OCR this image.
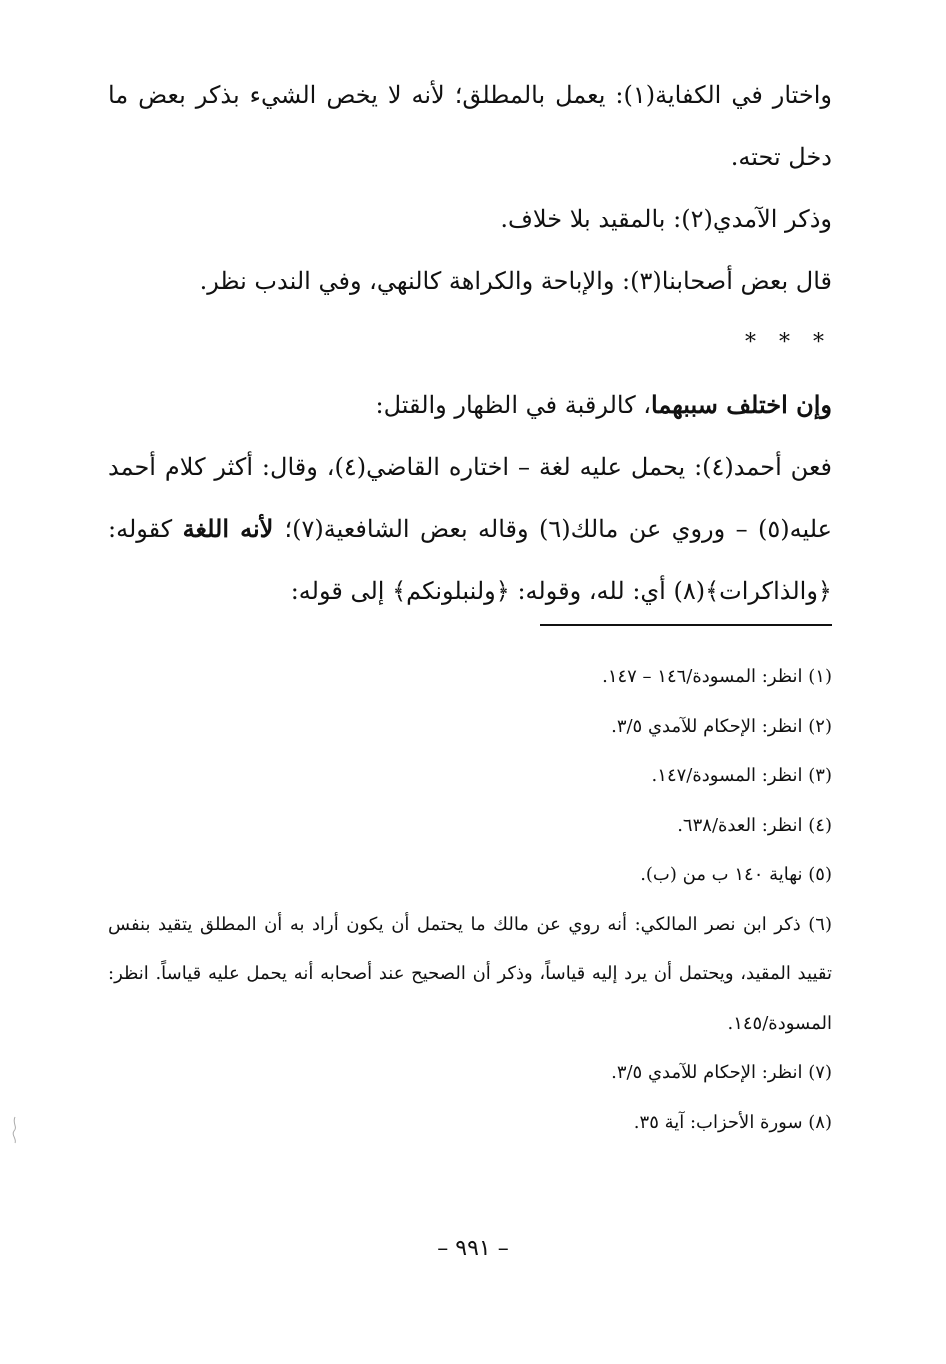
واختار في الكفاية(١): يعمل بالمطلق؛ لأنه لا يخص الشيء بذكر بعض ما دخل تحته.

وذكر الآمدي(٢): بالمقيد بلا خلاف.

قال بعض أصحابنا(٣): والإباحة والكراهة كالنهي، وفي الندب نظر.

* * *

وإن اختلف سببهما، كالرقبة في الظهار والقتل:

فعن أحمد(٤): يحمل عليه لغة – اختاره القاضي(٤)، وقال: أكثر كلام أحمد عليه(٥) – وروي عن مالك(٦) وقاله بعض الشافعية(٧)؛ لأنه اللغة كقوله: ﴿والذاكرات﴾(٨) أي: لله، وقوله: ﴿ولنبلونكم﴾ إلى قوله:

(١) انظر: المسودة/١٤٦ – ١٤٧.

(٢) انظر: الإحكام للآمدي ٣/٥.

(٣) انظر: المسودة/١٤٧.

(٤) انظر: العدة/٦٣٨.

(٥) نهاية ١٤٠ ب من (ب).

(٦) ذكر ابن نصر المالكي: أنه روي عن مالك ما يحتمل أن يكون أراد به أن المطلق يتقيد بنفس تقييد المقيد، ويحتمل أن يرد إليه قياساً، وذكر أن الصحيح عند أصحابه أنه يحمل عليه قياساً. انظر: المسودة/١٤٥.

(٧) انظر: الإحكام للآمدي ٣/٥.

(٨) سورة الأحزاب: آية ٣٥.

– ٩٩١ –
